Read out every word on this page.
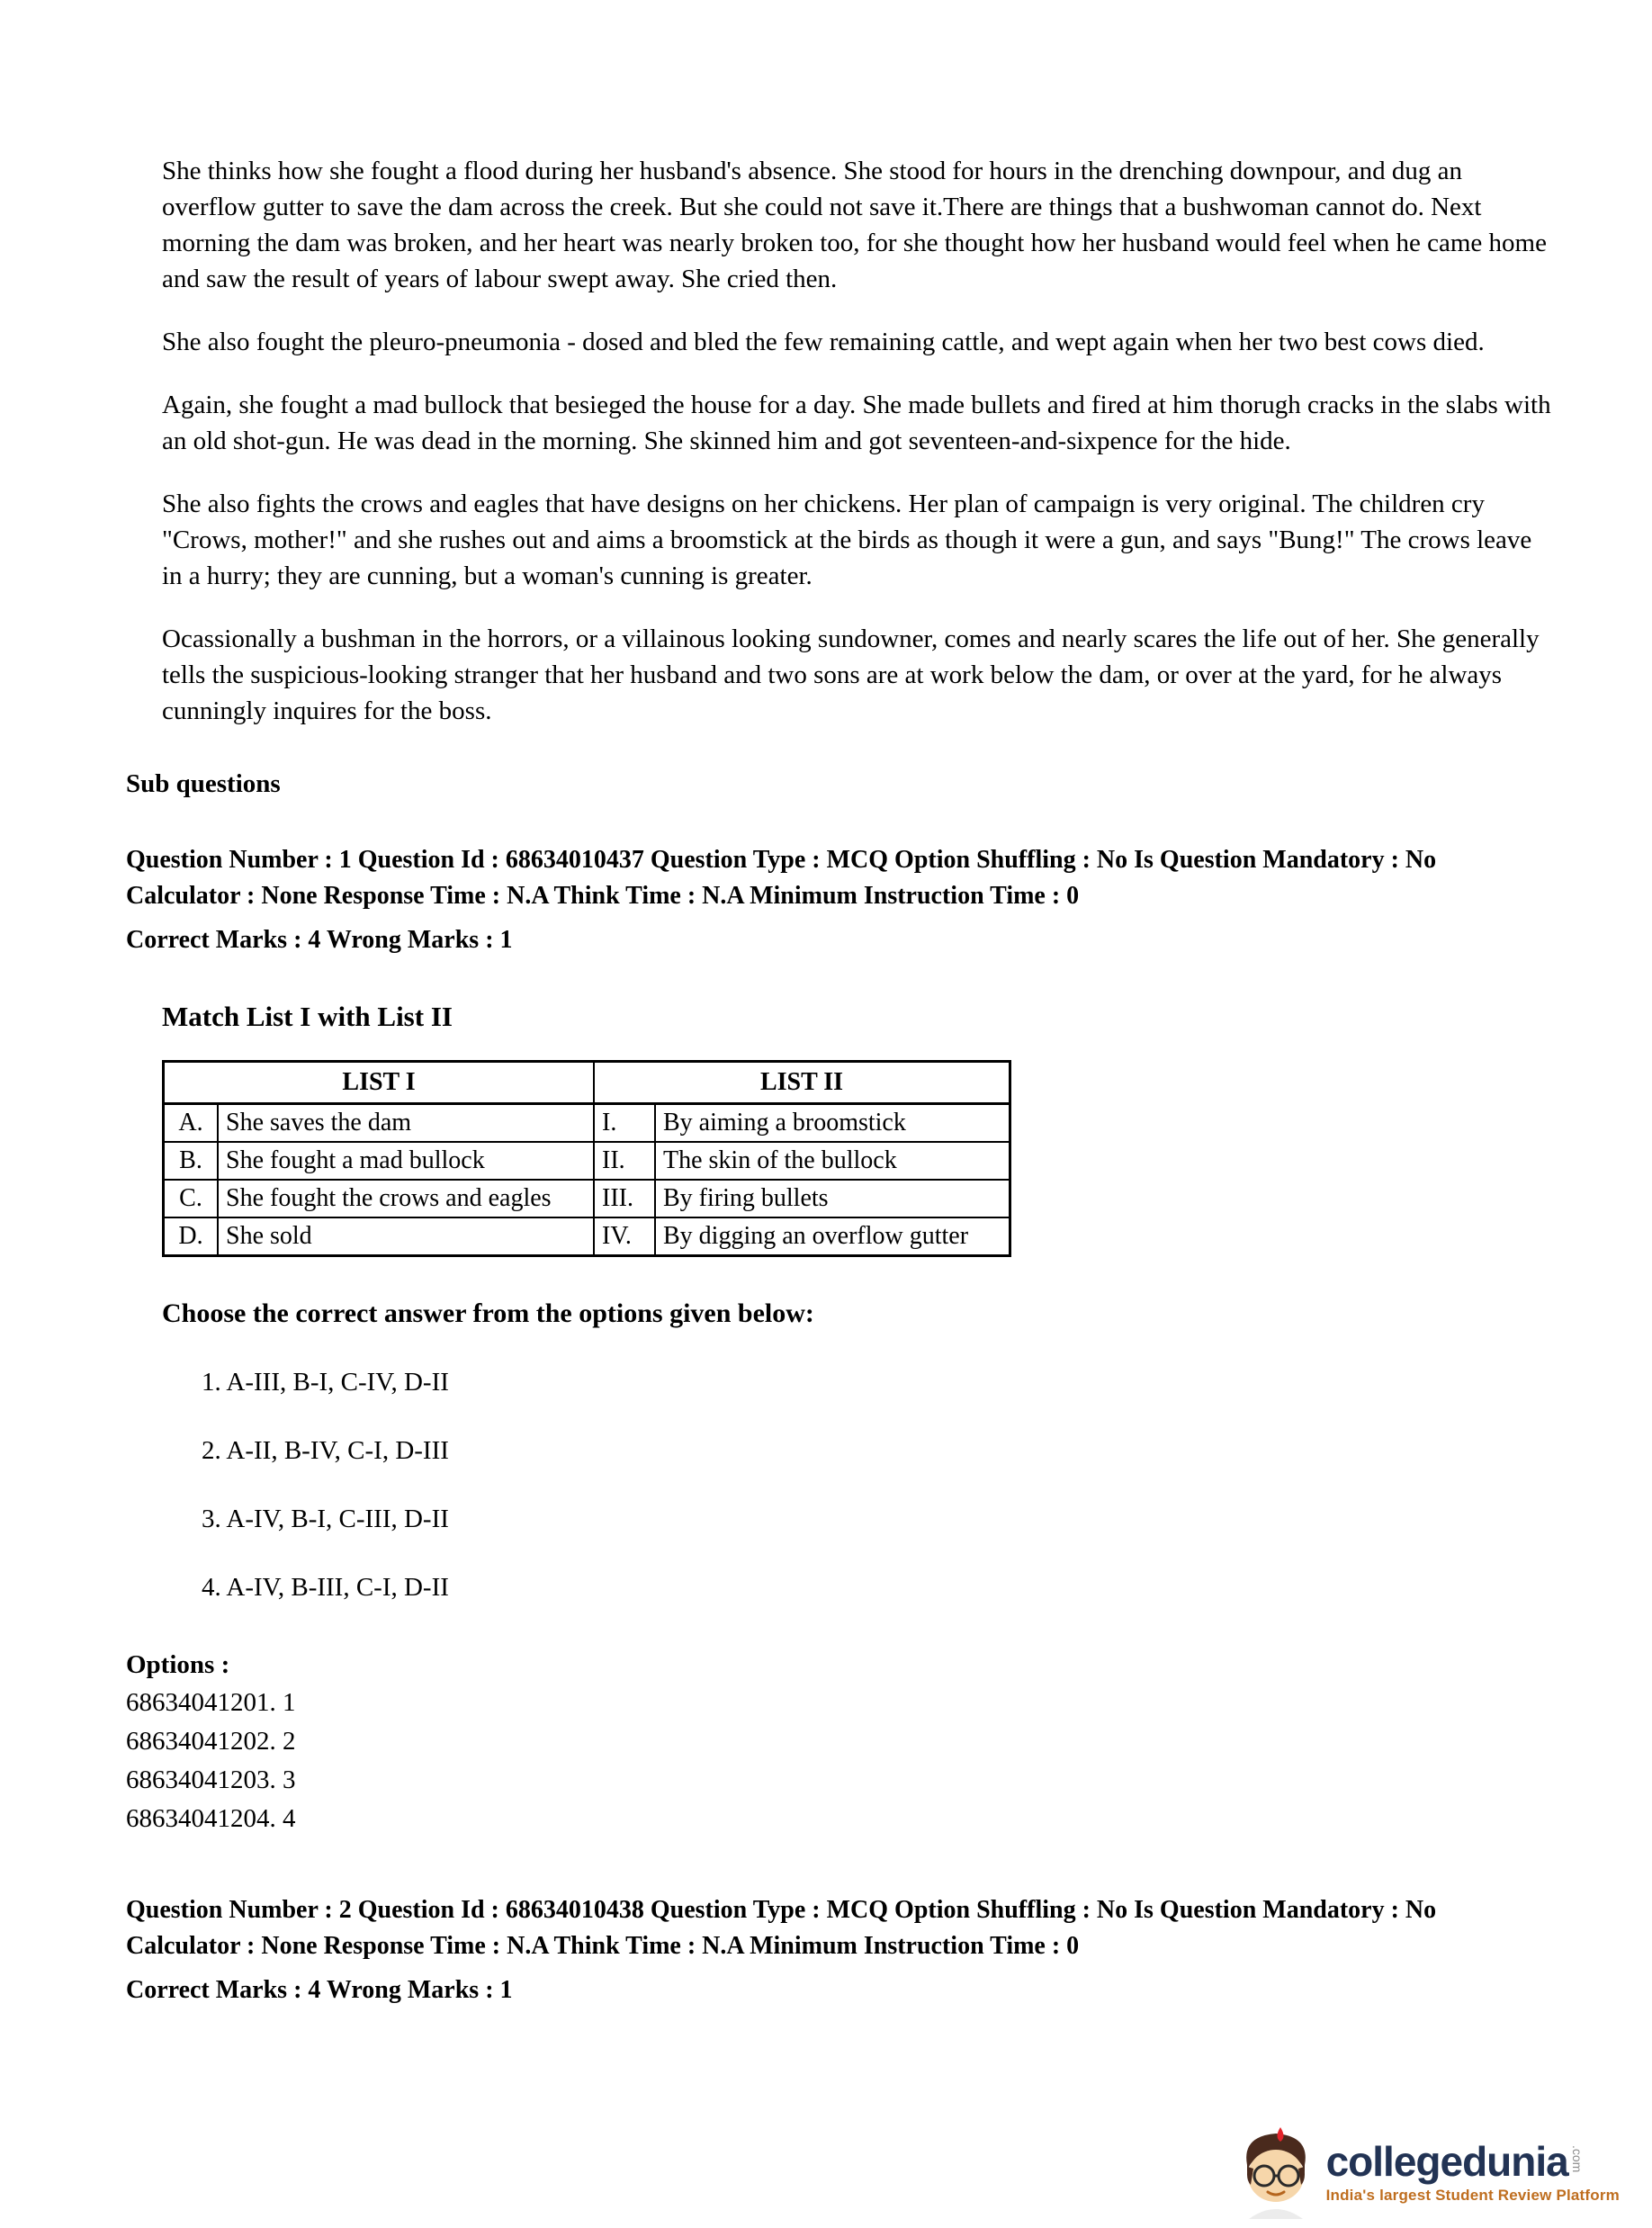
She thinks how she fought a flood during her husband's absence. She stood for hours in the drenching downpour, and dug an overflow gutter to save the dam across the creek. But she could not save it.There are things that a bushwoman cannot do. Next morning the dam was broken, and her heart was nearly broken too, for she thought how her husband would feel when he came home and saw the result of years of labour swept away. She cried then.

She also fought the pleuro-pneumonia - dosed and bled the few remaining cattle, and wept again when her two best cows died.

Again, she fought a mad bullock that besieged the house for a day. She made bullets and fired at him thorugh cracks in the slabs with an old shot-gun. He was dead in the morning. She skinned him and got seventeen-and-sixpence for the hide.

She also fights the crows and eagles that have designs on her chickens. Her plan of campaign is very original. The children cry "Crows, mother!" and she rushes out and aims a broomstick at the birds as though it were a gun, and says "Bung!" The crows leave in a hurry; they are cunning, but a woman's cunning is greater.

Ocassionally a bushman in the horrors, or a villainous looking sundowner, comes and nearly scares the life out of her. She generally tells the suspicious-looking stranger that her husband and two sons are at work below the dam, or over at the yard, for he always cunningly inquires for the boss.

Sub questions
Question Number : 1 Question Id : 68634010437 Question Type : MCQ Option Shuffling : No Is Question Mandatory : No Calculator : None Response Time : N.A Think Time : N.A Minimum Instruction Time : 0
Correct Marks : 4 Wrong Marks : 1
Match List I with List II
LIST I		LIST II	
A.	She saves the dam	I.	By aiming a broomstick
B.	She fought a mad bullock	II.	The skin of the bullock
C.	She fought the crows and eagles	III.	By firing bullets
D.	She sold	IV.	By digging an overflow gutter
Choose the correct answer from the options given below:
1. A-III, B-I, C-IV, D-II
2. A-II, B-IV, C-I, D-III
3. A-IV, B-I, C-III, D-II
4. A-IV, B-III, C-I, D-II
Options :
68634041201. 1
68634041202. 2
68634041203. 3
68634041204. 4
Question Number : 2 Question Id : 68634010438 Question Type : MCQ Option Shuffling : No Is Question Mandatory : No Calculator : None Response Time : N.A Think Time : N.A Minimum Instruction Time : 0
Correct Marks : 4 Wrong Marks : 1
collegedunia .com
India's largest Student Review Platform
